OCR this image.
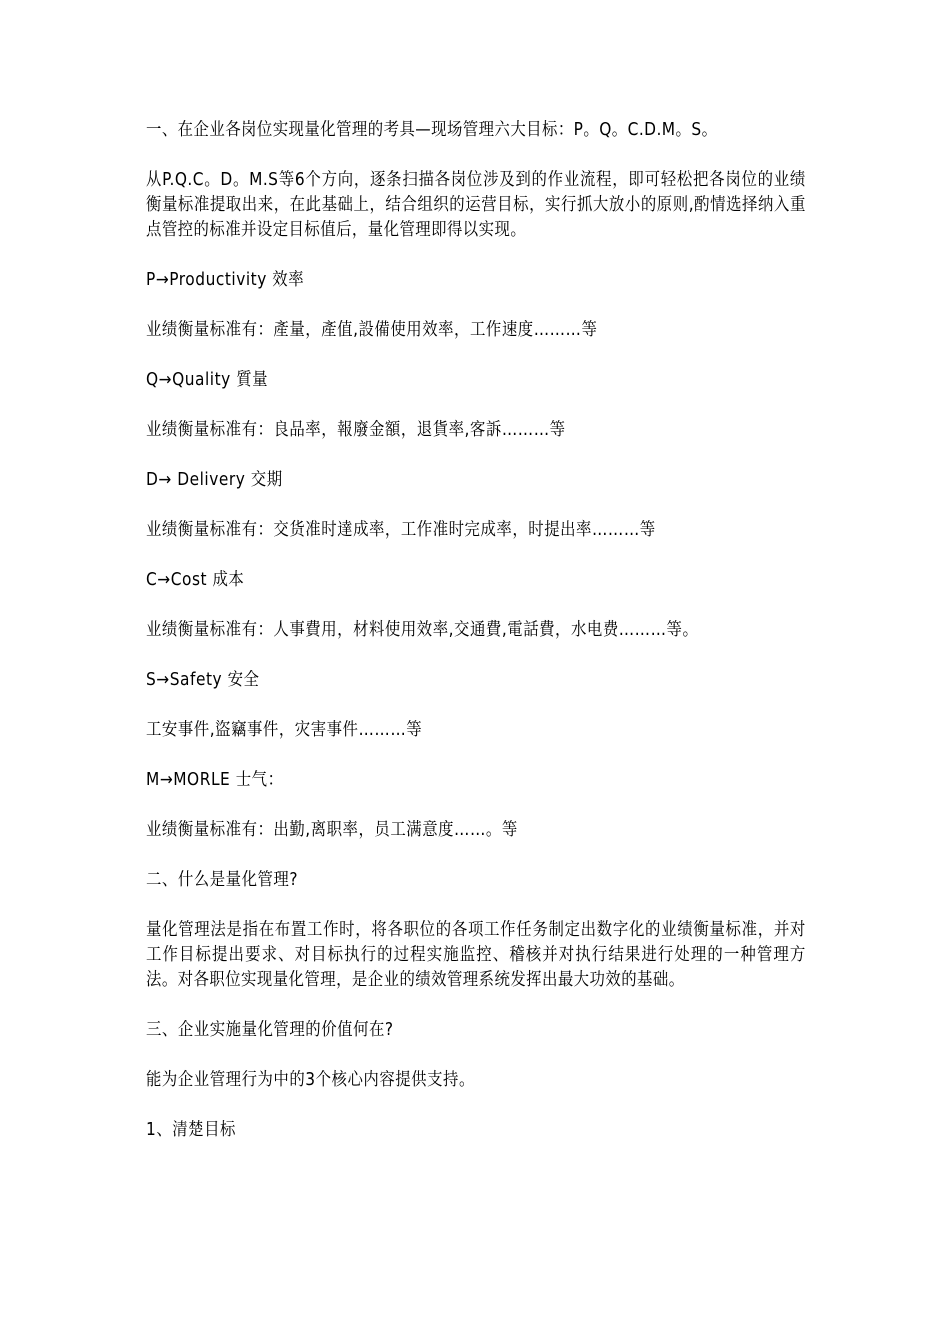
一、在企业各岗位实现量化管理的考具—现场管理六大目标：P。Q。C.D.M。S。

从P.Q.C。D。M.S等6个方向，逐条扫描各岗位涉及到的作业流程，即可轻松把各岗位的业绩衡量标准提取出来，在此基础上，结合组织的运营目标，实行抓大放小的原则,酌情选择纳入重点管控的标准并设定目标值后，量化管理即得以实现。

P→Productivity 效率

业绩衡量标准有：產量，產值,設備使用效率，工作速度………等

Q→Quality 質量

业绩衡量标准有：良品率，報廢金額，退貨率,客訴………等

D→ Delivery 交期

业绩衡量标准有：交货准时達成率，工作准时完成率，时提出率………等

C→Cost 成本

业绩衡量标准有：人事費用，材料使用效率,交通費,電話費，水电费………等。

S→Safety 安全

工安事件,盜竊事件，灾害事件………等

M→MORLE 士气：

业绩衡量标准有：出勤,离职率，员工满意度……。等

二、什么是量化管理?

量化管理法是指在布置工作时，将各职位的各项工作任务制定出数字化的业绩衡量标准，并对工作目标提出要求、对目标执行的过程实施监控、稽核并对执行结果进行处理的一种管理方法。对各职位实现量化管理，是企业的绩效管理系统发挥出最大功效的基础。

三、企业实施量化管理的价值何在?

能为企业管理行为中的3个核心内容提供支持。

1、清楚目标
